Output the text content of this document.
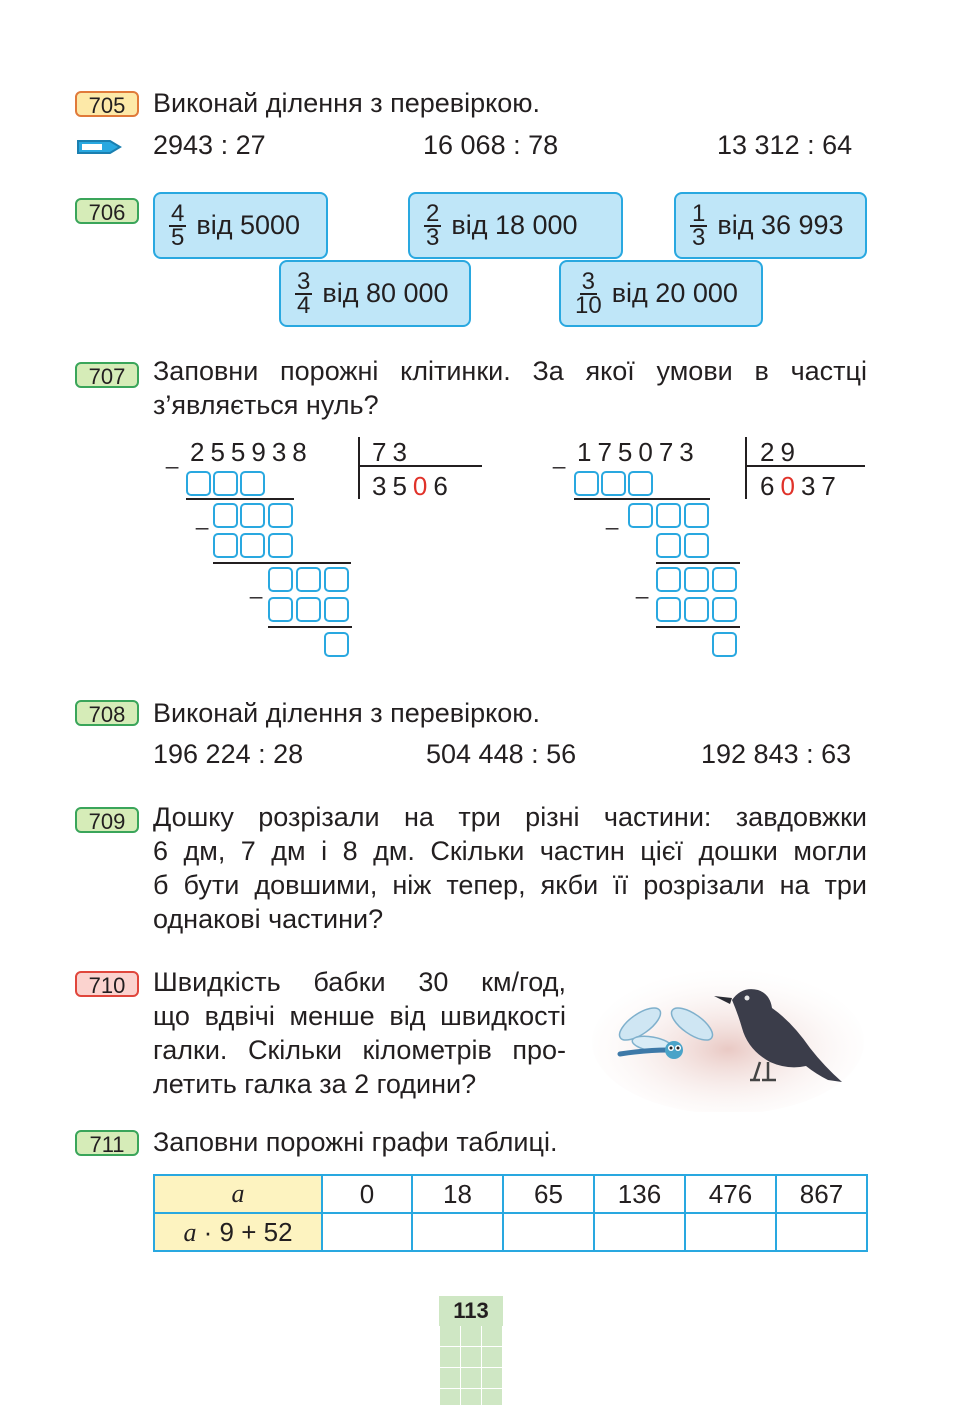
705	Виконай ділення з перевіркою.
2943 : 27	16 068 : 78	13 312 : 64
706	$\frac{4}{5}$ від 5000	$\frac{2}{3}$ від 18 000	$\frac{1}{3}$ від 36 993
$\frac{3}{4}$ від 80 000	$\frac{3}{10}$ від 20 000
707	Заповни порожні клітинки. За якої умови в частці
з’являється нуль?
_ 255938 73
3506
_
_
_ 175073 29
6037
_
_
708	Виконай ділення з перевіркою.
196 224 : 28	504 448 : 56	192 843 : 63
709	Дошку розрізали на три різні частини: завдовжки
6 дм, 7 дм і 8 дм. Скільки частин цієї дошки могли
б бути довшими, ніж тепер, якби її розрізали на три
однакові частини?
710	Швидкість бабки 30 км/год,
що вдвічі менше від швидкості
галки. Скільки кілометрів про-
летить галка за 2 години?
711	Заповни порожні графи таблиці.
a	0	18	65	136	476	867
a · 9 + 52						
113
